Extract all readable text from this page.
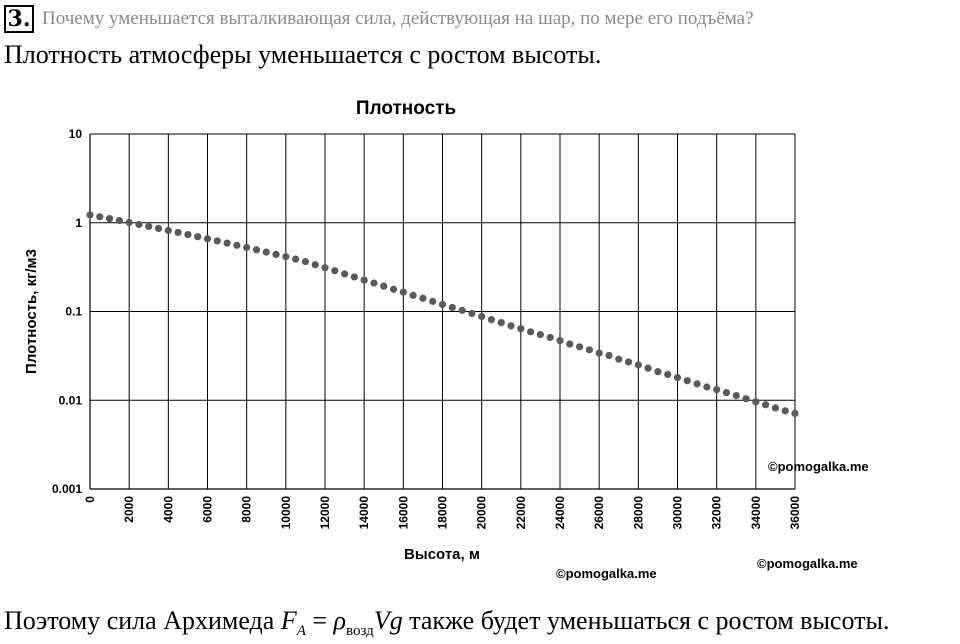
3. Почему уменьшается выталкивающая сила, действующая на шар, по мере его подъёма?
Плотность атмосферы уменьшается с ростом высоты.
10
1
0.1
0.01
0.001
0 2000 4000 6000 8000 10000 12000 14000 16000 18000 20000 22000 24000 26000 28000 30000 32000 34000 36000
Плотность
Высота, м
Плотность, кг/м3
©pomogalka.me
©pomogalka.me
©pomogalka.me
Поэтому сила Архимеда $F_A = \rho_{возд}Vg$ также будет уменьшаться с ростом высоты.
